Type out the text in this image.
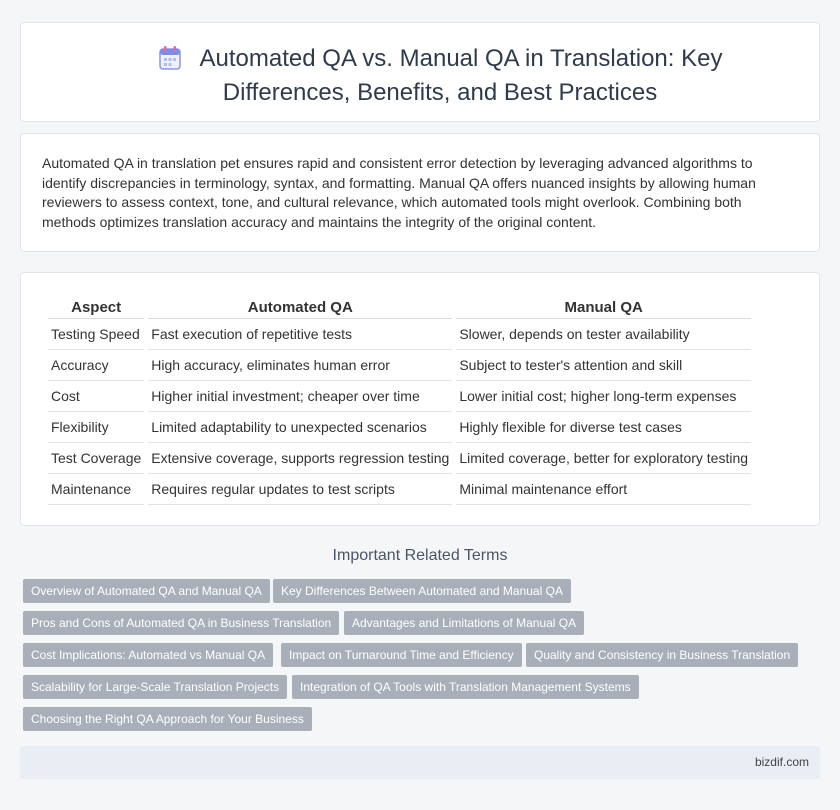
Automated QA vs. Manual QA in Translation: Key Differences, Benefits, and Best Practices

Automated QA in translation pet ensures rapid and consistent error detection by leveraging advanced algorithms to identify discrepancies in terminology, syntax, and formatting. Manual QA offers nuanced insights by allowing human reviewers to assess context, tone, and cultural relevance, which automated tools might overlook. Combining both methods optimizes translation accuracy and maintains the integrity of the original content.

Aspect	Automated QA	Manual QA
Testing Speed	Fast execution of repetitive tests	Slower, depends on tester availability
Accuracy	High accuracy, eliminates human error	Subject to tester's attention and skill
Cost	Higher initial investment; cheaper over time	Lower initial cost; higher long-term expenses
Flexibility	Limited adaptability to unexpected scenarios	Highly flexible for diverse test cases
Test Coverage	Extensive coverage, supports regression testing	Limited coverage, better for exploratory testing
Maintenance	Requires regular updates to test scripts	Minimal maintenance effort
Important Related Terms
Overview of Automated QA and Manual QA	Key Differences Between Automated and Manual QA
Pros and Cons of Automated QA in Business Translation	Advantages and Limitations of Manual QA
Cost Implications: Automated vs Manual QA	Impact on Turnaround Time and Efficiency	Quality and Consistency in Business Translation
Scalability for Large-Scale Translation Projects	Integration of QA Tools with Translation Management Systems
Choosing the Right QA Approach for Your Business
bizdif.com
